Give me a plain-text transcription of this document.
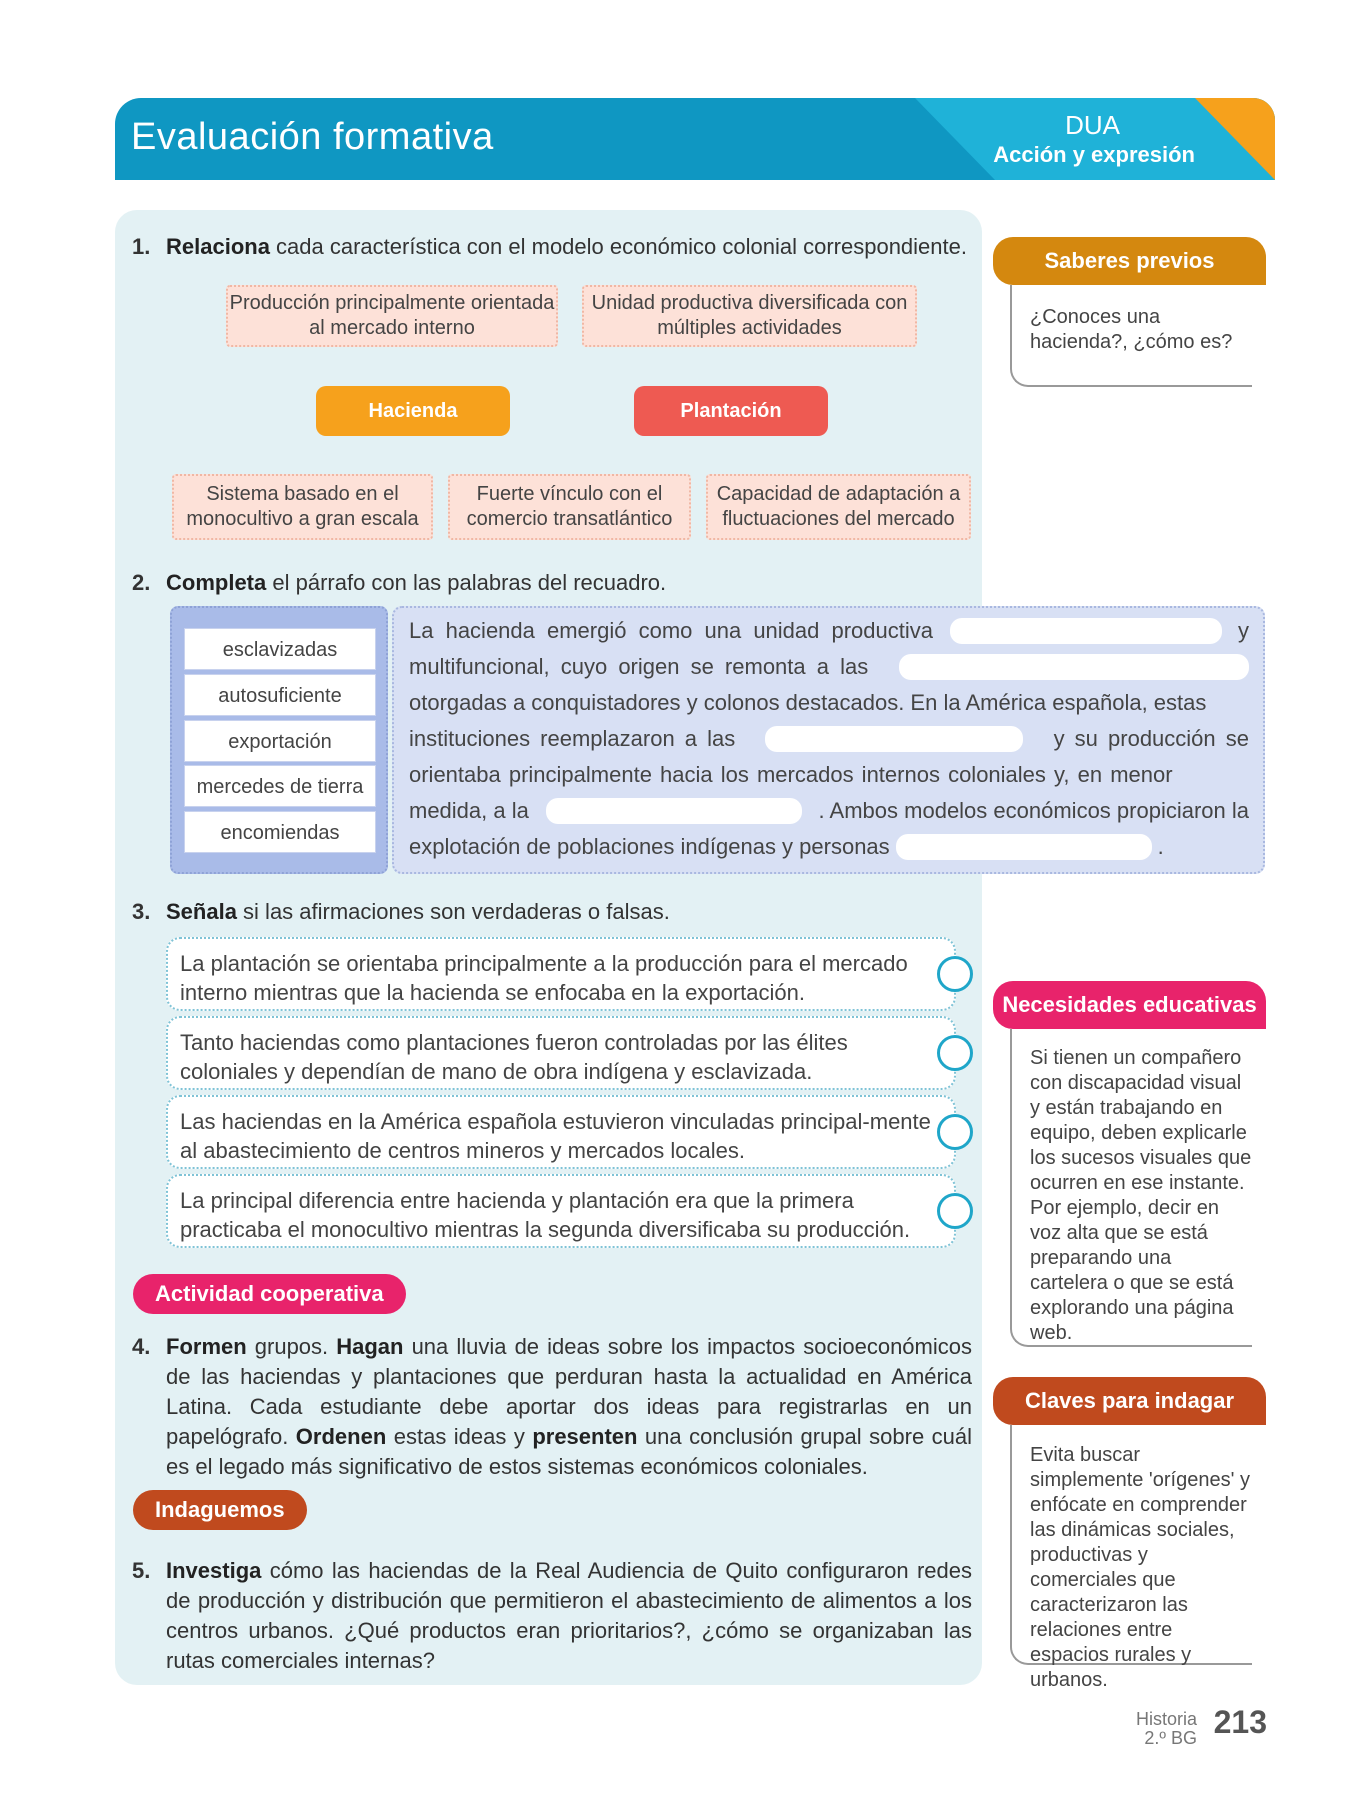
Evaluación formativa	DUA
Acción y expresión
1. Relaciona cada característica con el modelo económico colonial correspondiente.
Producción principalmente orientada al mercado interno
Unidad productiva diversificada con múltiples actividades
Hacienda	Plantación
Sistema basado en el monocultivo a gran escala
Fuerte vínculo con el comercio transatlántico
Capacidad de adaptación a fluctuaciones del mercado
2. Completa el párrafo con las palabras del recuadro.
esclavizadas
autosuficiente
exportación
mercedes de tierra
encomiendas
La hacienda emergió como una unidad productiva	y
multifuncional, cuyo origen se remonta a las
otorgadas a conquistadores y colonos destacados. En la América española, estas
instituciones reemplazaron a las	y su producción se
orientaba principalmente hacia los mercados internos coloniales y, en menor
medida, a la	. Ambos modelos económicos propiciaron la
explotación de poblaciones indígenas y personas	.
3. Señala si las afirmaciones son verdaderas o falsas.
La plantación se orientaba principalmente a la producción para el mercado interno mientras que la hacienda se enfocaba en la exportación.
Tanto haciendas como plantaciones fueron controladas por las élites coloniales y dependían de mano de obra indígena y esclavizada.
Las haciendas en la América española estuvieron vinculadas principal-mente al abastecimiento de centros mineros y mercados locales.
La principal diferencia entre hacienda y plantación era que la primera practicaba el monocultivo mientras la segunda diversificaba su producción.
Actividad cooperativa
4. Formen grupos. Hagan una lluvia de ideas sobre los impactos socioeconómicos de las haciendas y plantaciones que perduran hasta la actualidad en América Latina. Cada estudiante debe aportar dos ideas para registrarlas en un papelógrafo. Ordenen estas ideas y presenten una conclusión grupal sobre cuál es el legado más significativo de estos sistemas económicos coloniales.
Indaguemos
5. Investiga cómo las haciendas de la Real Audiencia de Quito configuraron redes de producción y distribución que permitieron el abastecimiento de alimentos a los centros urbanos. ¿Qué productos eran prioritarios?, ¿cómo se organizaban las rutas comerciales internas?
Saberes previos
¿Conoces una hacienda?, ¿cómo es?
Necesidades educativas
Si tienen un compañero con discapacidad visual y están trabajando en equipo, deben explicarle los sucesos visuales que ocurren en ese instante. Por ejemplo, decir en voz alta que se está preparando una cartelera o que se está explorando una página web.
Claves para indagar
Evita buscar simplemente 'orígenes' y enfócate en comprender las dinámicas sociales, productivas y comerciales que caracterizaron las relaciones entre espacios rurales y urbanos.
Historia
2.º BG 213
